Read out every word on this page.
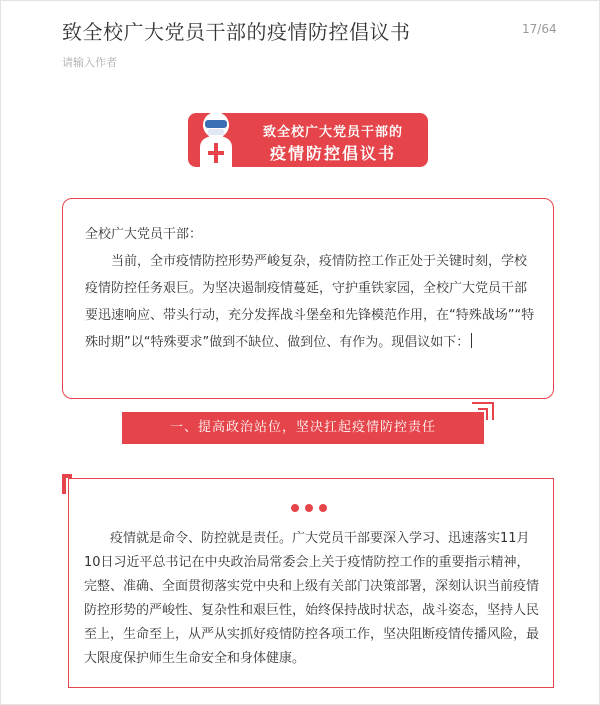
致全校广大党员干部的疫情防控倡议书	17/64
请输入作者
致全校广大党员干部的
疫情防控倡议书
全校广大党员干部：
当前，全市疫情防控形势严峻复杂，疫情防控工作正处于关键时刻，学校疫情防控任务艰巨。为坚决遏制疫情蔓延，守护重铁家园，全校广大党员干部要迅速响应、带头行动，充分发挥战斗堡垒和先锋模范作用，在“特殊战场”“特殊时期”以“特殊要求”做到不缺位、做到位、有作为。现倡议如下：
一、提高政治站位，坚决扛起疫情防控责任
疫情就是命令、防控就是责任。广大党员干部要深入学习、迅速落实11月10日习近平总书记在中央政治局常委会上关于疫情防控工作的重要指示精神，完整、准确、全面贯彻落实党中央和上级有关部门决策部署，深刻认识当前疫情防控形势的严峻性、复杂性和艰巨性，始终保持战时状态，战斗姿态，坚持人民至上，生命至上，从严从实抓好疫情防控各项工作，坚决阻断疫情传播风险，最大限度保护师生生命安全和身体健康。
